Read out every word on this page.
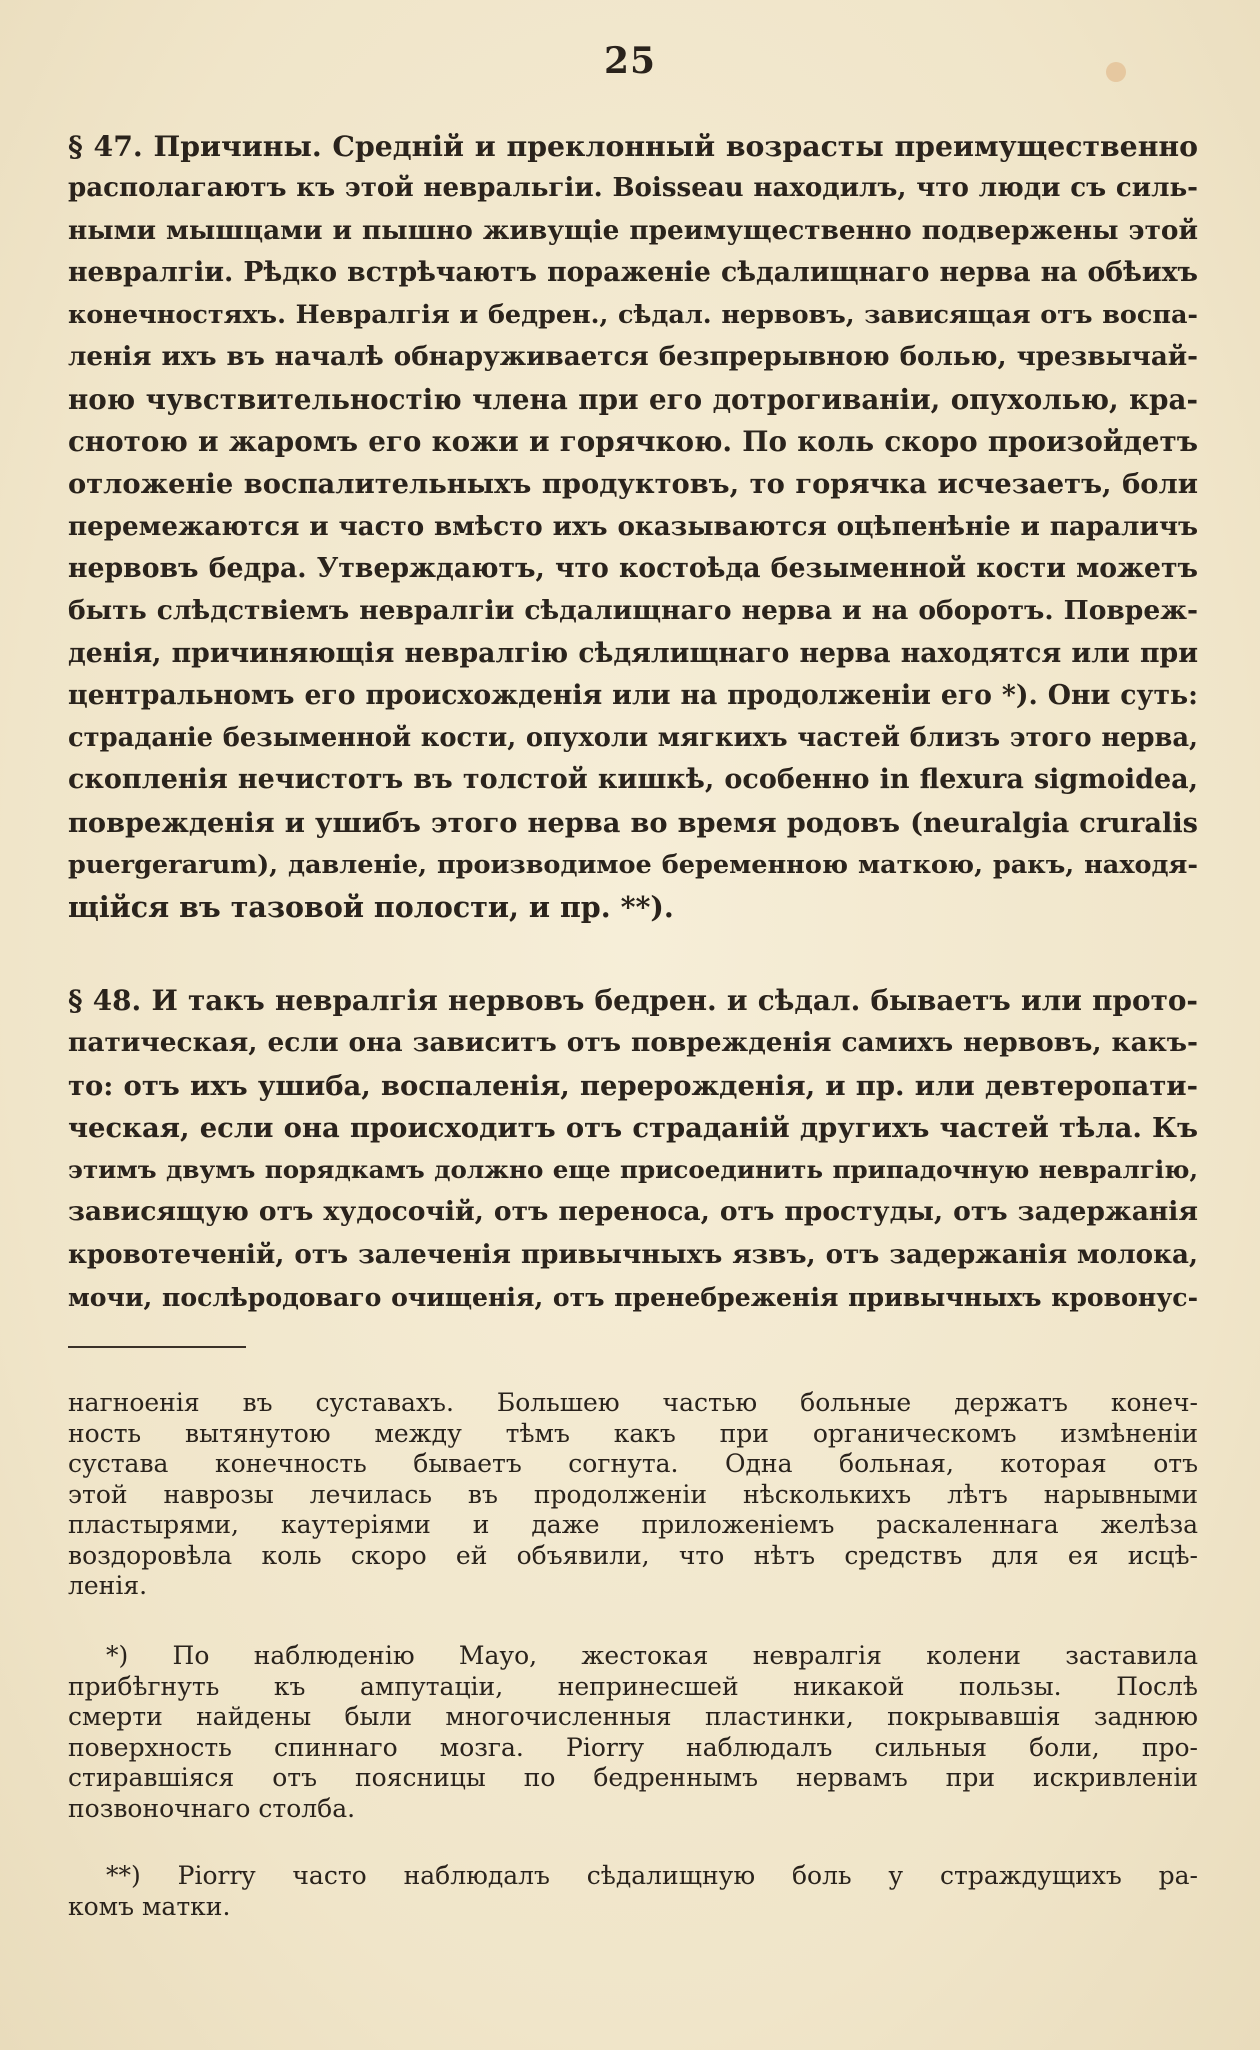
25
§ 47. Причины. Средній и преклонный возрасты преимущественно
располагаютъ къ этой невральгіи. Boisseau находилъ, что люди съ силь-
ными мышцами и пышно живущіе преимущественно подвержены этой
невралгіи. Рѣдко встрѣчаютъ пораженіе сѣдалищнаго нерва на обѣихъ
конечностяхъ. Невралгія и бедрен., сѣдал. нервовъ, зависящая отъ воспа-
ленія ихъ въ началѣ обнаруживается безпрерывною болью, чрезвычай-
ною чувствительностію члена при его дотрогиваніи, опухолью, кра-
снотою и жаромъ его кожи и горячкою. По коль скоро произойдетъ
отложеніе воспалительныхъ продуктовъ, то горячка исчезаетъ, боли
перемежаются и часто вмѣсто ихъ оказываются оцѣпенѣніе и параличъ
нервовъ бедра. Утверждаютъ, что костоѣда безыменной кости можетъ
быть слѣдствіемъ невралгіи сѣдалищнаго нерва и на оборотъ. Повреж-
денія, причиняющія невралгію сѣдялищнаго нерва находятся или при
центральномъ его происхожденія или на продолженіи его *). Они суть:
страданіе безыменной кости, опухоли мягкихъ частей близъ этого нерва,
скопленія нечистотъ въ толстой кишкѣ, особенно in flexura sigmoidea,
поврежденія и ушибъ этого нерва во время родовъ (neuralgia cruralis
puergerarum), давленіе, производимое беременною маткою, ракъ, находя-
щійся въ тазовой полости, и пр. **).
§ 48. И такъ невралгія нервовъ бедрен. и сѣдал. бываетъ или прото-
патическая, если она зависитъ отъ поврежденія самихъ нервовъ, какъ-
то: отъ ихъ ушиба, воспаленія, перерожденія, и пр. или девтеропати-
ческая, если она происходитъ отъ страданій другихъ частей тѣла. Къ
этимъ двумъ порядкамъ должно еще присоединить припадочную невралгію,
зависящую отъ худосочій, отъ переноса, отъ простуды, отъ задержанія
кровотеченій, отъ залеченія привычныхъ язвъ, отъ задержанія молока,
мочи, послѣродоваго очищенія, отъ пренебреженія привычныхъ кровонус-
нагноенія въ суставахъ. Большею частью больные держатъ конеч-
ность вытянутою между тѣмъ какъ при органическомъ измѣненіи
сустава конечность бываетъ согнута. Одна больная, которая отъ
этой наврозы лечилась въ продолженіи нѣсколькихъ лѣтъ нарывными
пластырями, каутеріями и даже приложеніемъ раскаленнага желѣза
воздоровѣла коль скоро ей объявили, что нѣтъ средствъ для ея исцѣ-
ленія.
*) По наблюденію Мауо, жестокая невралгія колени заставила
прибѣгнуть къ ампутаціи, непринесшей никакой пользы. Послѣ
смерти найдены были многочисленныя пластинки, покрывавшія заднюю
поверхность спиннаго мозга. Piorry наблюдалъ сильныя боли, про-
стиравшіяся отъ поясницы по бедреннымъ нервамъ при искривленіи
позвоночнаго столба.
**) Piorry часто наблюдалъ сѣдалищную боль у страждущихъ ра-
комъ матки.
